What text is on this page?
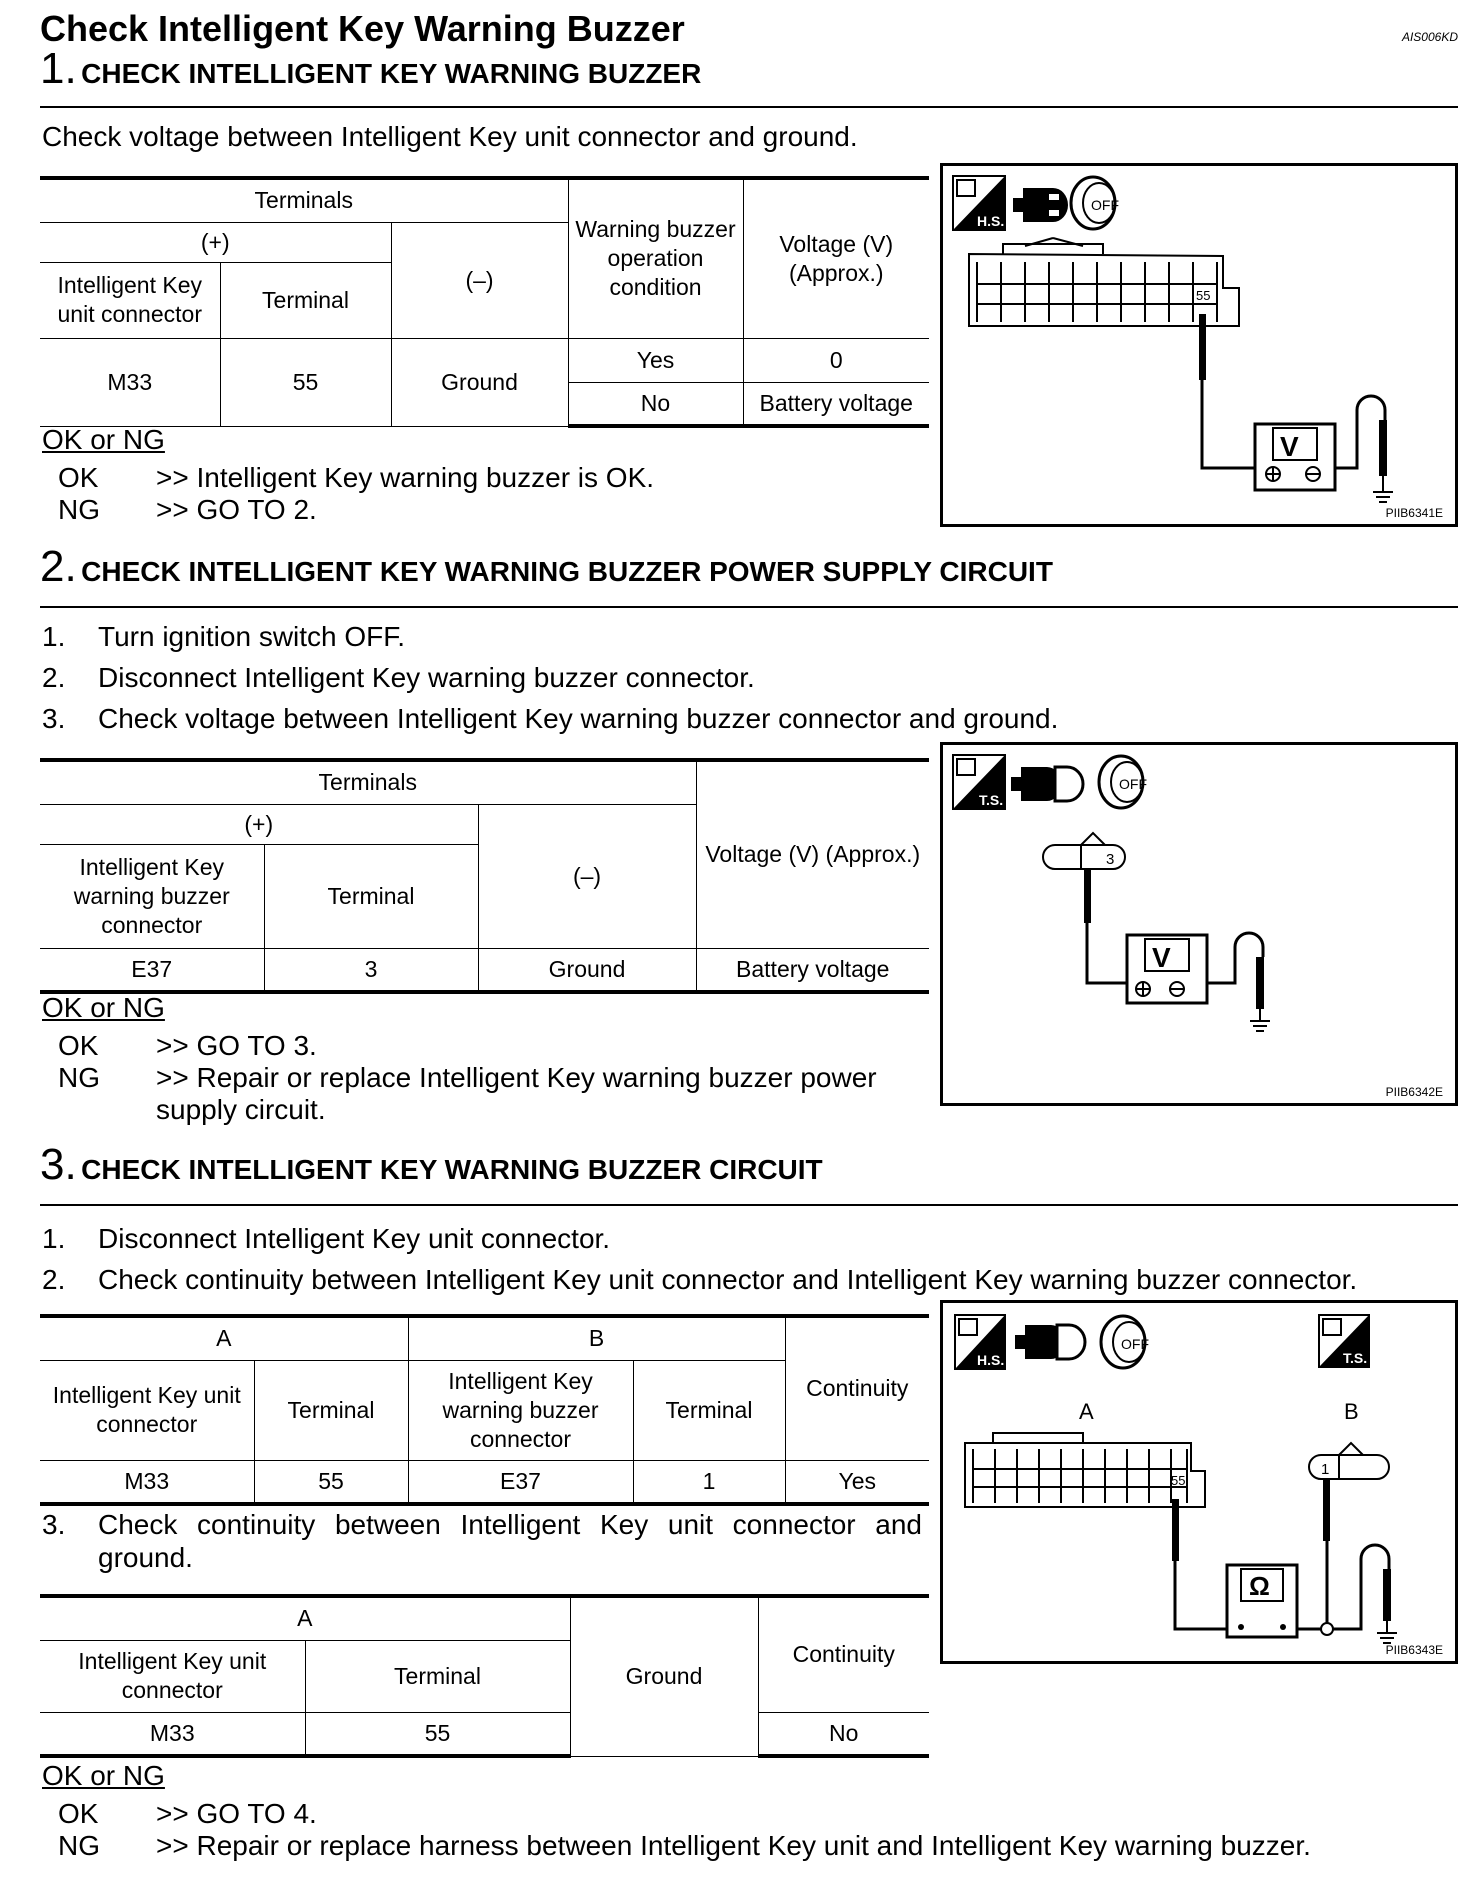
Check Intelligent Key Warning Buzzer	AIS006KD
1. CHECK INTELLIGENT KEY WARNING BUZZER
Check voltage between Intelligent Key unit connector and ground.
Terminals			Warning buzzer operation condition	Voltage (V) (Approx.)
(+)		(–)		
Intelligent Key unit connector	Terminal			
M33	55	Ground	Yes	0
			No	Battery voltage
OK or NG
OK	>> Intelligent Key warning buzzer is OK.
NG	>> GO TO 2.
H.S.
OFF
55
V
PIIB6341E
2. CHECK INTELLIGENT KEY WARNING BUZZER POWER SUPPLY CIRCUIT
1. Turn ignition switch OFF.
2. Disconnect Intelligent Key warning buzzer connector.
3. Check voltage between Intelligent Key warning buzzer connector and ground.
Terminals			Voltage (V) (Approx.)
(+)		(–)	
Intelligent Key warning buzzer connector	Terminal		
E37	3	Ground	Battery voltage
OK or NG
OK	>> GO TO 3.
NG	>> Repair or replace Intelligent Key warning buzzer power supply circuit.
T.S.
OFF
3
V
PIIB6342E
3. CHECK INTELLIGENT KEY WARNING BUZZER CIRCUIT
1. Disconnect Intelligent Key unit connector.
2. Check continuity between Intelligent Key unit connector and Intelligent Key warning buzzer connector.
A		B		Continuity
Intelligent Key unit connector	Terminal	Intelligent Key warning buzzer connector	Terminal	
M33	55	E37	1	Yes
3.	Check continuity between Intelligent Key unit connector and ground.
A		Ground	Continuity
Intelligent Key unit connector	Terminal		
M33	55		No
OK or NG
OK	>> GO TO 4.
NG	>> Repair or replace harness between Intelligent Key unit and Intelligent Key warning buzzer.
H.S.
OFF
T.S.
A	B
55
1
Ω
PIIB6343E
